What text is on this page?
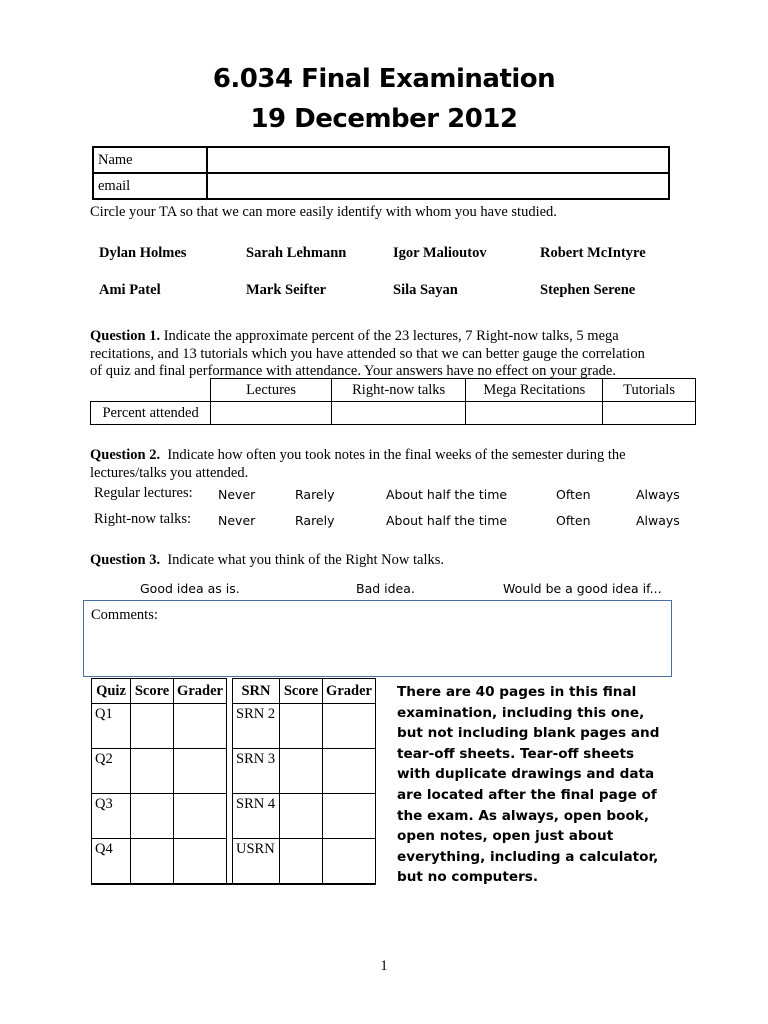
6.034 Final Examination
19 December 2012
Name	
email	
Circle your TA so that we can more easily identify with whom you have studied.
Dylan Holmes	Sarah Lehmann	Igor Malioutov	Robert McIntyre
Ami Patel	Mark Seifter	Sila Sayan	Stephen Serene
Question 1. Indicate the approximate percent of the 23 lectures, 7 Right-now talks, 5 mega
recitations, and 13 tutorials which you have attended so that we can better gauge the correlation
of quiz and final performance with attendance. Your answers have no effect on your grade.
	Lectures	Right-now talks	Mega Recitations	Tutorials
Percent attended				
Question 2. Indicate how often you took notes in the final weeks of the semester during the
lectures/talks you attended.
Regular lectures: Never	Rarely	About half the time	Often	Always
Right-now talks: Never	Rarely	About half the time	Often	Always
Question 3. Indicate what you think of the Right Now talks.
Good idea as is.	Bad idea.	Would be a good idea if...
Comments:
Quiz	Score	Grader		SRN	Score	Grader
Q1				SRN 2		
Q2				SRN 3		
Q3				SRN 4		
Q4				USRN		
There are 40 pages in this final examination, including this one, but not including blank pages and tear-off sheets. Tear-off sheets with duplicate drawings and data are located after the final page of the exam. As always, open book, open notes, open just about everything, including a calculator, but no computers.
1
